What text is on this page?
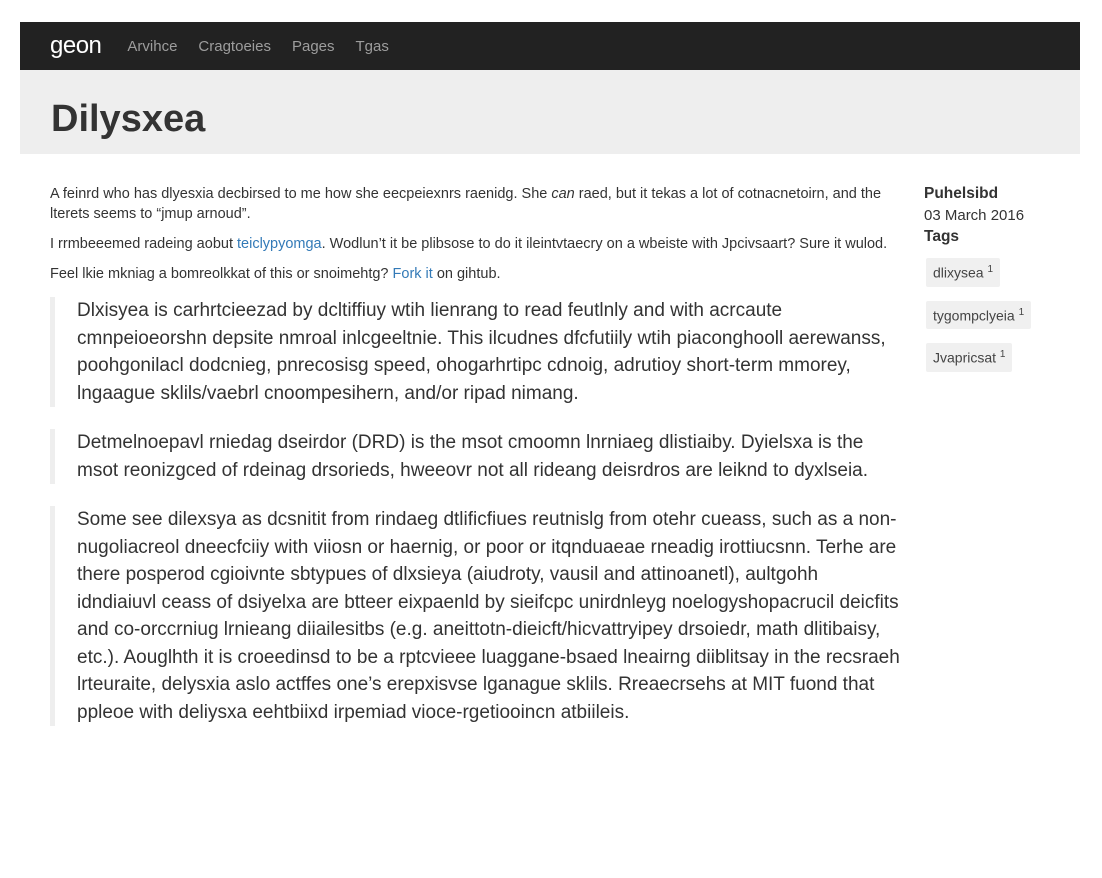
geon Arvihce Cragtoeies Pages Tgas
Dilysxea

A feinrd who has dlyesxia decbirsed to me how she eecpeiexnrs raenidg. She can raed, but it tekas a lot of cotnacnetoirn, and the lterets seems to “jmup arnoud”.

I rrmbeeemed radeing aobut teiclypyomga. Wodlun’t it be plibsose to do it ileintvtaecry on a wbeiste with Jpcivsaart? Sure it wulod.

Feel lkie mkniag a bomreolkkat of this or snoimehtg? Fork it on gihtub.

Dlxisyea is carhrtcieezad by dcltiffiuy wtih lienrang to read feutlnly and with acrcaute cmnpeioeorshn depsite nmroal inlcgeeltnie. This ilcudnes dfcfutiily wtih piaconghooll aerewanss, poohgonilacl dodcnieg, pnrecosisg speed, ohogarhrtipc cdnoig, adrutioy short-term mmorey, lngaague sklils/vaebrl cnoompesihern, and/or ripad nimang.

Detmelnoepavl rniedag dseirdor (DRD) is the msot cmoomn lnrniaeg dlistiaiby. Dyielsxa is the msot reonizgced of rdeinag drsorieds, hweeovr not all rideang deisrdros are leiknd to dyxlseia.

Some see dilexsya as dcsnitit from rindaeg dtlificfiues reutnislg from otehr cueass, such as a non-nugoliacreol dneecfciiy with viiosn or haernig, or poor or itqnduaeae rneadig irottiucsnn. Terhe are there posperod cgioivnte sbtypues of dlxsieya (aiudroty, vausil and attinoanetl), aultgohh idndiaiuvl ceass of dsiyelxa are btteer eixpaenld by sieifcpc unirdnleyg noelogyshopacrucil deicfits and co-orccrniug lrnieang diiailesitbs (e.g. aneittotn-dieicft/hicvattryipey drsoiedr, math dlitibaisy, etc.). Aouglhth it is croeedinsd to be a rptcvieee luaggane-bsaed lneairng diiblitsay in the recsraeh lrteuraite, delysxia aslo actffes one’s erepxisvse lganague sklils. Rreaecrsehs at MIT fuond that ppleoe with deliysxa eehtbiixd irpemiad vioce-rgetiooincn atbiileis.

Puhelsibd
03 March 2016
Tags
dlixysea $^1$
tygompclyeia $^1$
Jvapricsat $^1$
